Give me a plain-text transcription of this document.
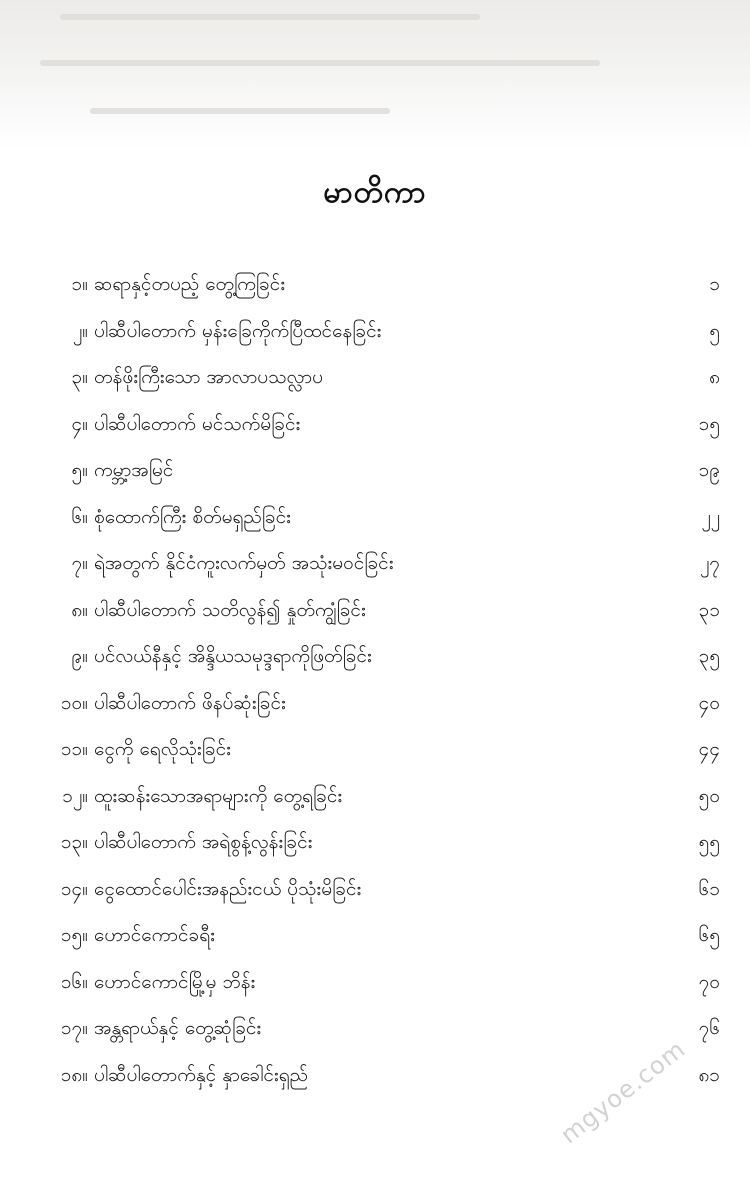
မာတိကာ
၁။ ဆရာနှင့်တပည့် တွေ့ကြခြင်း	၁
၂။ ပါဆီပါတောက် မှန်းခြေကိုက်ပြီထင်နေခြင်း	၅
၃။ တန်ဖိုးကြီးသော အာလာပသလ္လာပ	၈
၄။ ပါဆီပါတောက် မင်သက်မိခြင်း	၁၅
၅။ ကမ္ဘာ့အမြင်	၁၉
၆။ စုံထောက်ကြီး စိတ်မရှည်ခြင်း	၂၂
၇။ ရဲအတွက် နိုင်ငံကူးလက်မှတ် အသုံးမဝင်ခြင်း	၂၇
၈။ ပါဆီပါတောက် သတိလွန်၍ နှုတ်ကျွံခြင်း	၃၁
၉။ ပင်လယ်နီနှင့် အိန္ဒိယသမုဒ္ဒရာကိုဖြတ်ခြင်း	၃၅
၁၀။ ပါဆီပါတောက် ဖိနပ်ဆုံးခြင်း	၄၀
၁၁။ ငွေကို ရေလိုသုံးခြင်း	၄၄
၁၂။ ထူးဆန်းသောအရာများကို တွေ့ရခြင်း	၅၀
၁၃။ ပါဆီပါတောက် အရဲစွန့်လွန်းခြင်း	၅၅
၁၄။ ငွေထောင်ပေါင်းအနည်းငယ် ပိုသုံးမိခြင်း	၆၁
၁၅။ ဟောင်ကောင်ခရီး	၆၅
၁၆။ ဟောင်ကောင်မြို့မှ ဘိန်း	၇၀
၁၇။ အန္တရာယ်နှင့် တွေ့ဆုံခြင်း	၇၆
၁၈။ ပါဆီပါတောက်နှင့် နှာခေါင်းရှည်	၈၁
mgyoe.com
